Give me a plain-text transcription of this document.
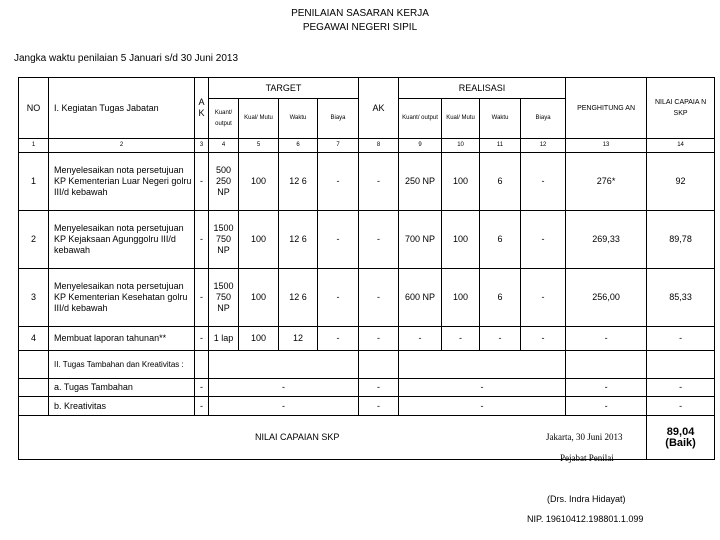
PENILAIAN SASARAN KERJA
PEGAWAI NEGERI SIPIL
Jangka waktu penilaian 5 Januari s/d 30 Juni 2013
NO	I. Kegiatan Tugas Jabatan	A K	TARGET				AK	REALISASI				PENGHITUNG AN	NILAI CAPAIA N SKP
			Kuant/ output	Kual/ Mutu	Waktu	Biaya		Kuant/ output	Kual/ Mutu	Waktu	Biaya		
1	2	3	4	5	6	7	8	9	10	11	12	13	14
1	Menyelesaikan nota persetujuan KP Kementerian Luar Negeri golru III/d kebawah	-	500 250 NP	100	12 6	-	-	250 NP	100	6	-	276*	92
2	Menyelesaikan nota persetujuan KP Kejaksaan Agunggolru III/d kebawah	-	1500 750 NP	100	12 6	-	-	700 NP	100	6	-	269,33	89,78
3	Menyelesaikan nota persetujuan KP Kementerian Kesehatan golru III/d kebawah	-	1500 750 NP	100	12 6	-	-	600 NP	100	6	-	256,00	85,33
4	Membuat laporan tahunan**	-	1 lap	100	12	-	-	-	-	-	-	-	-
	II. Tugas Tambahan dan Kreativitas :												
	a. Tugas Tambahan	-	-				-	-				-	-
	b. Kreativitas	-	-				-	-				-	-
NILAI CAPAIAN SKP													89,04
(Baik)
Jakarta, 30 Juni 2013
Pejabat Penilai
(Drs. Indra Hidayat)
NIP. 19610412.198801.1.099
